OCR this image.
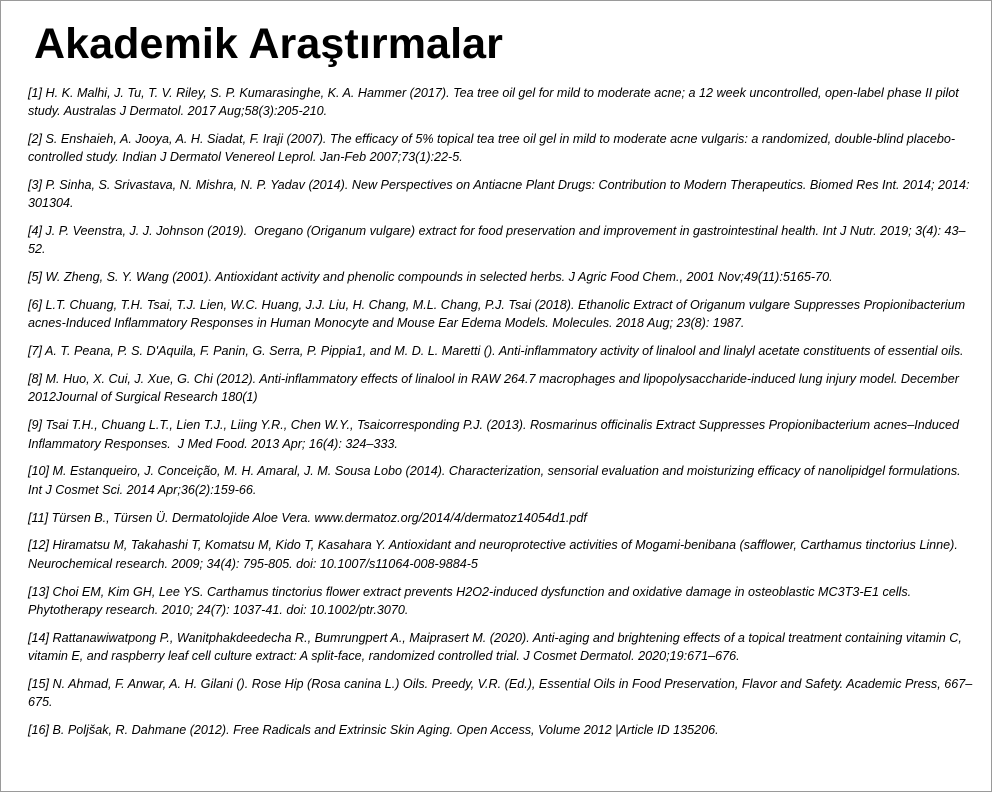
Akademik Araştırmalar
[1] H. K. Malhi, J. Tu, T. V. Riley, S. P. Kumarasinghe, K. A. Hammer (2017). Tea tree oil gel for mild to moderate acne; a 12 week uncontrolled, open-label phase II pilot study. Australas J Dermatol. 2017 Aug;58(3):205-210.
[2] S. Enshaieh, A. Jooya, A. H. Siadat, F. Iraji (2007). The efficacy of 5% topical tea tree oil gel in mild to moderate acne vulgaris: a randomized, double-blind placebo-controlled study. Indian J Dermatol Venereol Leprol. Jan-Feb 2007;73(1):22-5.
[3] P. Sinha, S. Srivastava, N. Mishra, N. P. Yadav (2014). New Perspectives on Antiacne Plant Drugs: Contribution to Modern Therapeutics. Biomed Res Int. 2014; 2014: 301304.
[4] J. P. Veenstra, J. J. Johnson (2019).  Oregano (Origanum vulgare) extract for food preservation and improvement in gastrointestinal health. Int J Nutr. 2019; 3(4): 43–52.
[5] W. Zheng, S. Y. Wang (2001). Antioxidant activity and phenolic compounds in selected herbs. J Agric Food Chem., 2001 Nov;49(11):5165-70.
[6] L.T. Chuang, T.H. Tsai, T.J. Lien, W.C. Huang, J.J. Liu, H. Chang, M.L. Chang, P.J. Tsai (2018). Ethanolic Extract of Origanum vulgare Suppresses Propionibacterium acnes-Induced Inflammatory Responses in Human Monocyte and Mouse Ear Edema Models. Molecules. 2018 Aug; 23(8): 1987.
[7] A. T. Peana, P. S. D'Aquila, F. Panin, G. Serra, P. Pippia1, and M. D. L. Maretti (). Anti-inflammatory activity of linalool and linalyl acetate constituents of essential oils.
[8] M. Huo, X. Cui, J. Xue, G. Chi (2012). Anti-inflammatory effects of linalool in RAW 264.7 macrophages and lipopolysaccharide-induced lung injury model. December 2012Journal of Surgical Research 180(1)
[9] Tsai T.H., Chuang L.T., Lien T.J., Liing Y.R., Chen W.Y., Tsaicorresponding P.J. (2013). Rosmarinus officinalis Extract Suppresses Propionibacterium acnes–Induced Inflammatory Responses.  J Med Food. 2013 Apr; 16(4): 324–333.
[10] M. Estanqueiro, J. Conceição, M. H. Amaral, J. M. Sousa Lobo (2014). Characterization, sensorial evaluation and moisturizing efficacy of nanolipidgel formulations. Int J Cosmet Sci. 2014 Apr;36(2):159-66.
[11] Türsen B., Türsen Ü. Dermatolojide Aloe Vera. www.dermatoz.org/2014/4/dermatoz14054d1.pdf
[12] Hiramatsu M, Takahashi T, Komatsu M, Kido T, Kasahara Y. Antioxidant and neuroprotective activities of Mogami-benibana (safflower, Carthamus tinctorius Linne). Neurochemical research. 2009; 34(4): 795-805. doi: 10.1007/s11064-008-9884-5
[13] Choi EM, Kim GH, Lee YS. Carthamus tinctorius flower extract prevents H2O2-induced dysfunction and oxidative damage in osteoblastic MC3T3-E1 cells. Phytotherapy research. 2010; 24(7): 1037-41. doi: 10.1002/ptr.3070.
[14] Rattanawiwatpong P., Wanitphakdeedecha R., Bumrungpert A., Maiprasert M. (2020). Anti-aging and brightening effects of a topical treatment containing vitamin C, vitamin E, and raspberry leaf cell culture extract: A split-face, randomized controlled trial. J Cosmet Dermatol. 2020;19:671–676.
[15] N. Ahmad, F. Anwar, A. H. Gilani (). Rose Hip (Rosa canina L.) Oils. Preedy, V.R. (Ed.), Essential Oils in Food Preservation, Flavor and Safety. Academic Press, 667–675.
[16] B. Poljšak, R. Dahmane (2012). Free Radicals and Extrinsic Skin Aging. Open Access, Volume 2012 |Article ID 135206.
